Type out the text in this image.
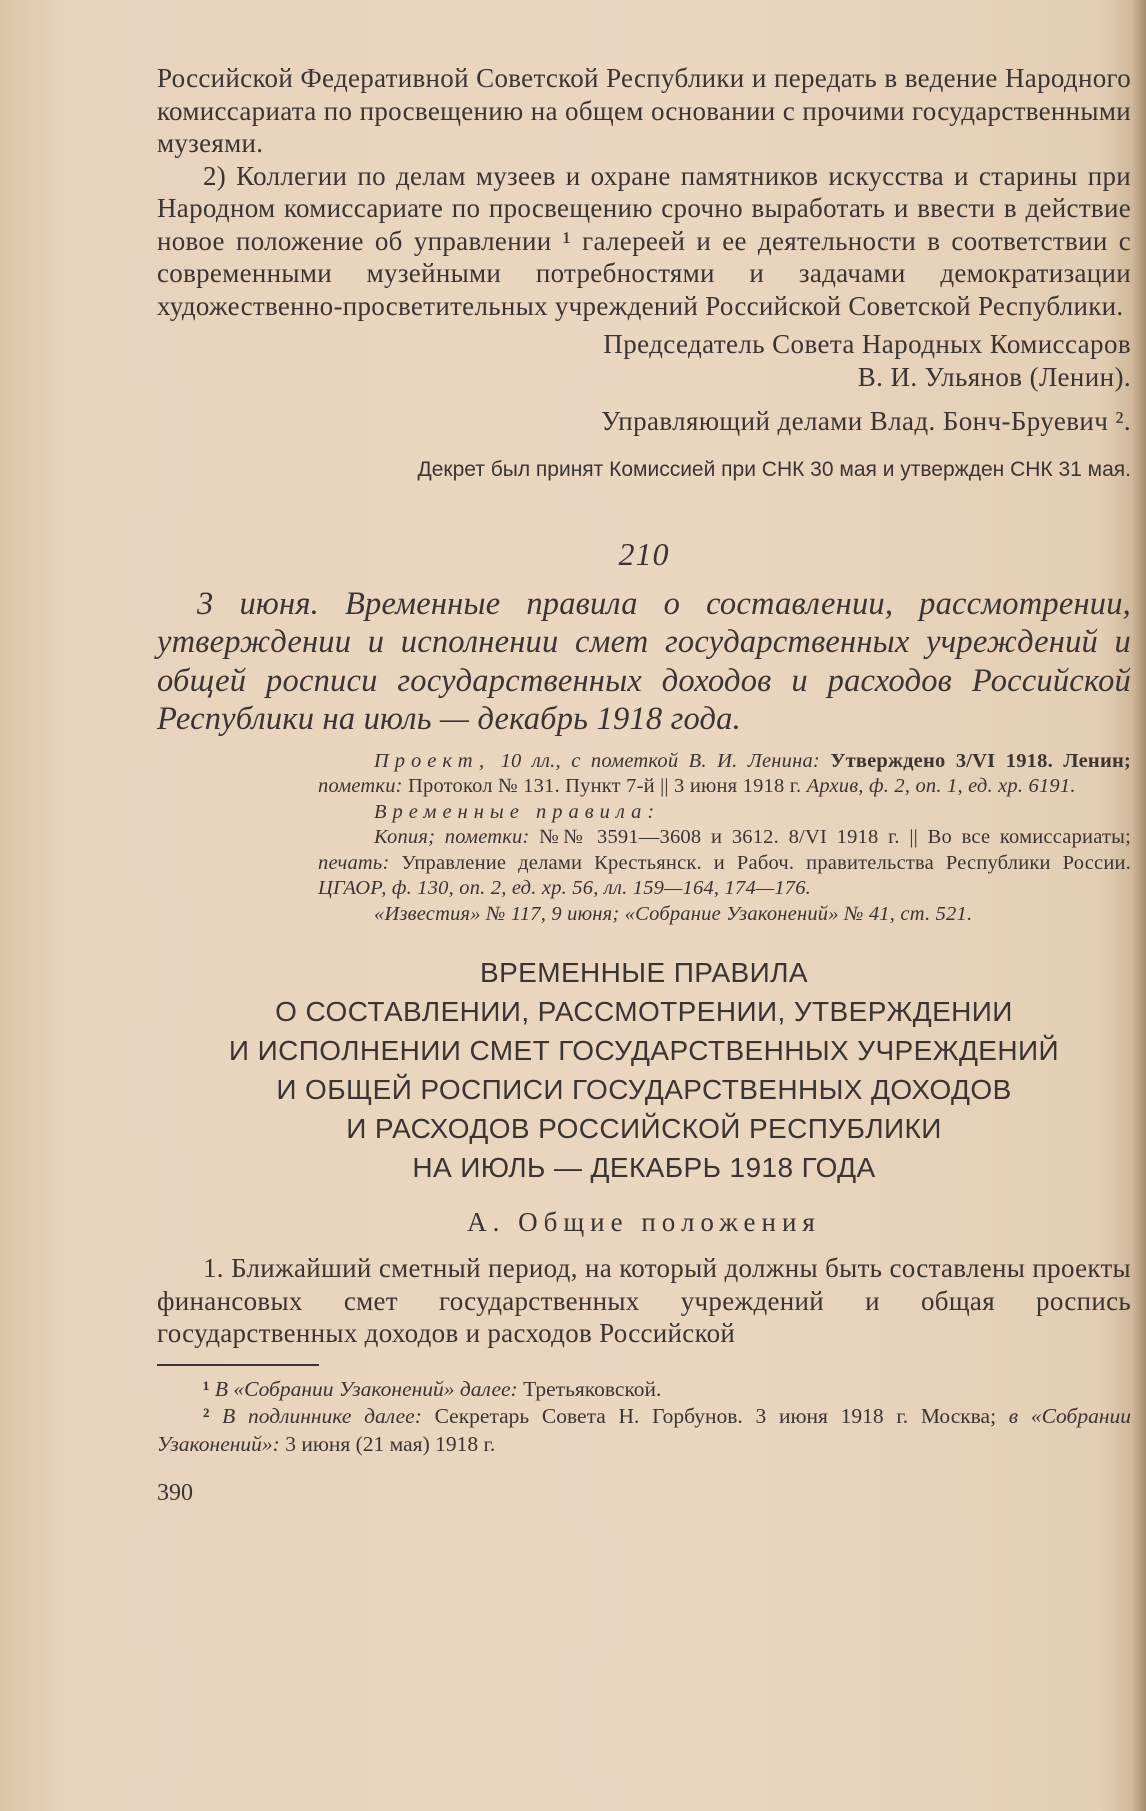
Российской Федеративной Советской Республики и передать в ведение Народного комиссариата по просвещению на общем основании с прочими государственными музеями.

2) Коллегии по делам музеев и охране памятников искусства и старины при Народном комиссариате по просвещению срочно выработать и ввести в действие новое положение об управлении ¹ галереей и ее деятельности в соответствии с современными музейными потребностями и задачами демократизации художественно-просветительных учреждений Российской Советской Республики.

Председатель Совета Народных Комиссаров

В. И. Ульянов (Ленин).

Управляющий делами Влад. Бонч-Бруевич ².

Декрет был принят Комиссией при СНК 30 мая и утвержден СНК 31 мая.

210

3 июня. Временные правила о составлении, рассмотрении, утверждении и исполнении смет государственных учреждений и общей росписи государственных доходов и расходов Российской Республики на июль — декабрь 1918 года.

Проект, 10 лл., с пометкой В. И. Ленина: Утверждено 3/VI 1918. Ленин; пометки: Протокол № 131. Пункт 7-й || 3 июня 1918 г. Архив, ф. 2, оп. 1, ед. хр. 6191.

Временные правила:

Копия; пометки: №№ 3591—3608 и 3612. 8/VI 1918 г. || Во все комиссариаты; печать: Управление делами Крестьянск. и Рабоч. правительства Республики России. ЦГАОР, ф. 130, оп. 2, ед. хр. 56, лл. 159—164, 174—176.

«Известия» № 117, 9 июня; «Собрание Узаконений» № 41, ст. 521.

ВРЕМЕННЫЕ ПРАВИЛА

О СОСТАВЛЕНИИ, РАССМОТРЕНИИ, УТВЕРЖДЕНИИ

И ИСПОЛНЕНИИ СМЕТ ГОСУДАРСТВЕННЫХ УЧРЕЖДЕНИЙ

И ОБЩЕЙ РОСПИСИ ГОСУДАРСТВЕННЫХ ДОХОДОВ

И РАСХОДОВ РОССИЙСКОЙ РЕСПУБЛИКИ

НА ИЮЛЬ — ДЕКАБРЬ 1918 ГОДА

А. Общие положения

1. Ближайший сметный период, на который должны быть составлены проекты финансовых смет государственных учреждений и общая роспись государственных доходов и расходов Российской

¹ В «Собрании Узаконений» далее: Третьяковской.

² В подлиннике далее: Секретарь Совета Н. Горбунов. 3 июня 1918 г. Москва; в «Собрании Узаконений»: 3 июня (21 мая) 1918 г.

390
